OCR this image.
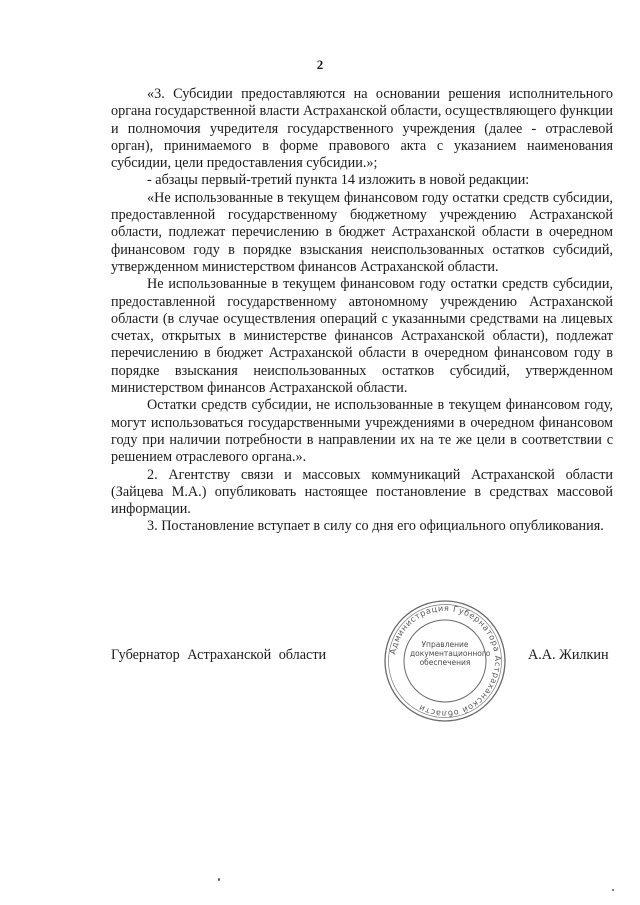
2

«3. Субсидии предоставляются на основании решения исполнительного органа государственной власти Астраханской области, осуществляющего функции и полномочия учредителя государственного учреждения (далее - отраслевой орган), принимаемого в форме правового акта с указанием наименования субсидии, цели предоставления субсидии.»;

- абзацы первый-третий пункта 14 изложить в новой редакции:

«Не использованные в текущем финансовом году остатки средств субсидии, предоставленной государственному бюджетному учреждению Астраханской области, подлежат перечислению в бюджет Астраханской области в очередном финансовом году в порядке взыскания неиспользованных остатков субсидий, утвержденном министерством финансов Астраханской области.

Не использованные в текущем финансовом году остатки средств субсидии, предоставленной государственному автономному учреждению Астраханской области (в случае осуществления операций с указанными средствами на лицевых счетах, открытых в министерстве финансов Астраханской области), подлежат перечислению в бюджет Астраханской области в очередном финансовом году в порядке взыскания неиспользованных остатков субсидий, утвержденном министерством финансов Астраханской области.

Остатки средств субсидии, не использованные в текущем финансовом году, могут использоваться государственными учреждениями в очередном финансовом году при наличии потребности в направлении их на те же цели в соответствии с решением отраслевого органа.».

2. Агентству связи и массовых коммуникаций Астраханской области (Зайцева М.А.) опубликовать настоящее постановление в средствах массовой информации.

3. Постановление вступает в силу со дня его официального опубликования.

Губернатор Астраханской области	А.А. Жилкин
Администрация Губернатора Астраханской области
Управление документационного обеспечения
